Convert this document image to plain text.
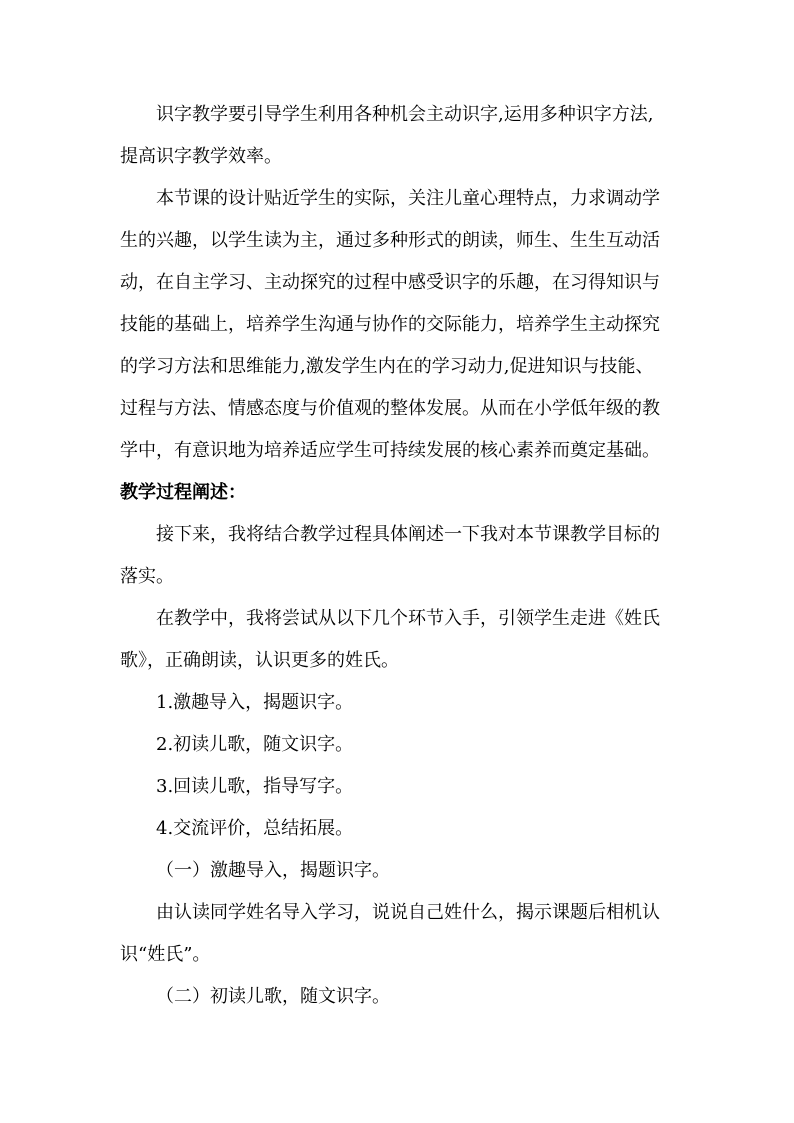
识字教学要引导学生利用各种机会主动识字,运用多种识字方法,
提高识字教学效率。
本节课的设计贴近学生的实际，关注儿童心理特点，力求调动学
生的兴趣，以学生读为主，通过多种形式的朗读，师生、生生互动活
动，在自主学习、主动探究的过程中感受识字的乐趣，在习得知识与
技能的基础上，培养学生沟通与协作的交际能力，培养学生主动探究
的学习方法和思维能力,激发学生内在的学习动力,促进知识与技能、
过程与方法、情感态度与价值观的整体发展。从而在小学低年级的教
学中，有意识地为培养适应学生可持续发展的核心素养而奠定基础。
教学过程阐述：
接下来，我将结合教学过程具体阐述一下我对本节课教学目标的
落实。
在教学中，我将尝试从以下几个环节入手，引领学生走进《姓氏
歌》，正确朗读，认识更多的姓氏。
1.激趣导入，揭题识字。
2.初读儿歌，随文识字。
3.回读儿歌，指导写字。
4.交流评价，总结拓展。
（一）激趣导入，揭题识字。
由认读同学姓名导入学习，说说自己姓什么，揭示课题后相机认
识“姓氏”。
（二）初读儿歌，随文识字。
